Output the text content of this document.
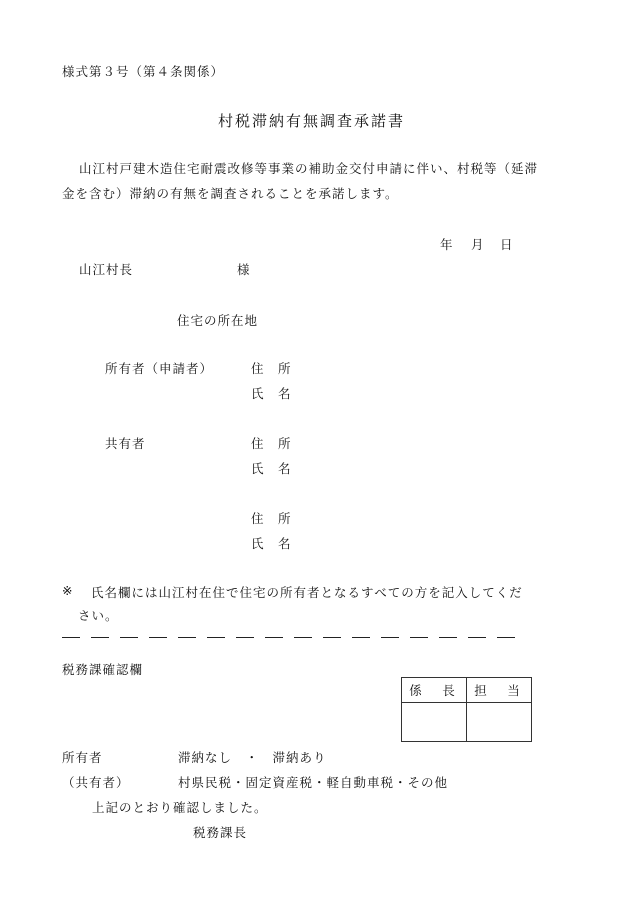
様式第３号（第４条関係）
村税滞納有無調査承諾書
山江村戸建木造住宅耐震改修等事業の補助金交付申請に伴い、村税等（延滞
金を含む）滞納の有無を調査されることを承諾します。
年 月 日
山江村長	様
住宅の所在地
所有者（申請者）	住　所
氏　名
共有者	住　所
氏　名
住　所
氏　名
※ 氏名欄には山江村在住で住宅の所有者となるすべての方を記入してくだ
さい。
税務課確認欄
係　長	担　当

所有者	滞納なし　・　滞納あり
（共有者）	村県民税・固定資産税・軽自動車税・その他
上記のとおり確認しました。
税務課長
